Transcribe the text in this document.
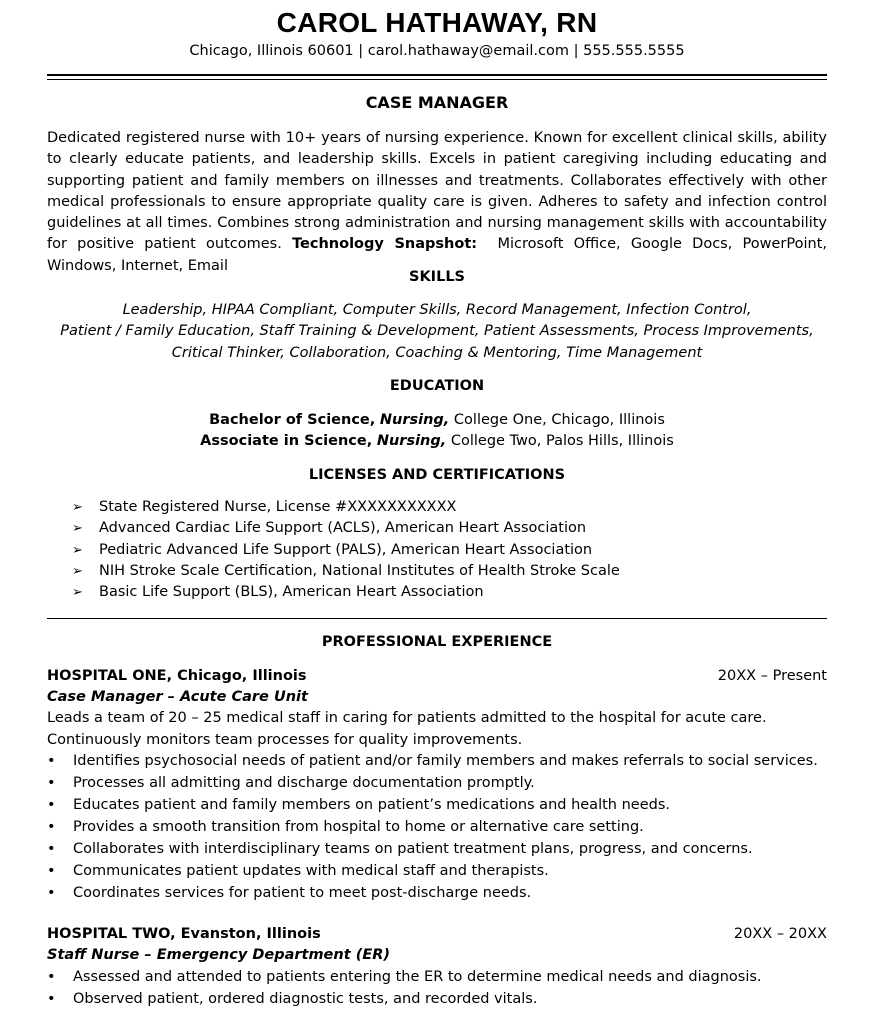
CAROL HATHAWAY, RN
Chicago, Illinois 60601 | carol.hathaway@email.com | 555.555.5555
CASE MANAGER
Dedicated registered nurse with 10+ years of nursing experience. Known for excellent clinical skills, ability to clearly educate patients, and leadership skills. Excels in patient caregiving including educating and supporting patient and family members on illnesses and treatments. Collaborates effectively with other medical professionals to ensure appropriate quality care is given. Adheres to safety and infection control guidelines at all times. Combines strong administration and nursing management skills with accountability for positive patient outcomes. Technology Snapshot: Microsoft Office, Google Docs, PowerPoint, Windows, Internet, Email
SKILLS
Leadership, HIPAA Compliant, Computer Skills, Record Management, Infection Control,
Patient / Family Education, Staff Training & Development, Patient Assessments, Process Improvements,
Critical Thinker, Collaboration, Coaching & Mentoring, Time Management
EDUCATION
Bachelor of Science, Nursing, College One, Chicago, Illinois
Associate in Science, Nursing, College Two, Palos Hills, Illinois
LICENSES AND CERTIFICATIONS
➢ State Registered Nurse, License #XXXXXXXXXXX
➢ Advanced Cardiac Life Support (ACLS), American Heart Association
➢ Pediatric Advanced Life Support (PALS), American Heart Association
➢ NIH Stroke Scale Certification, National Institutes of Health Stroke Scale
➢ Basic Life Support (BLS), American Heart Association
PROFESSIONAL EXPERIENCE
HOSPITAL ONE, Chicago, Illinois	20XX – Present
Case Manager – Acute Care Unit
Leads a team of 20 – 25 medical staff in caring for patients admitted to the hospital for acute care. Continuously monitors team processes for quality improvements.
• Identifies psychosocial needs of patient and/or family members and makes referrals to social services.
• Processes all admitting and discharge documentation promptly.
• Educates patient and family members on patient’s medications and health needs.
• Provides a smooth transition from hospital to home or alternative care setting.
• Collaborates with interdisciplinary teams on patient treatment plans, progress, and concerns.
• Communicates patient updates with medical staff and therapists.
• Coordinates services for patient to meet post-discharge needs.
HOSPITAL TWO, Evanston, Illinois	20XX – 20XX
Staff Nurse – Emergency Department (ER)
• Assessed and attended to patients entering the ER to determine medical needs and diagnosis.
• Observed patient, ordered diagnostic tests, and recorded vitals.
